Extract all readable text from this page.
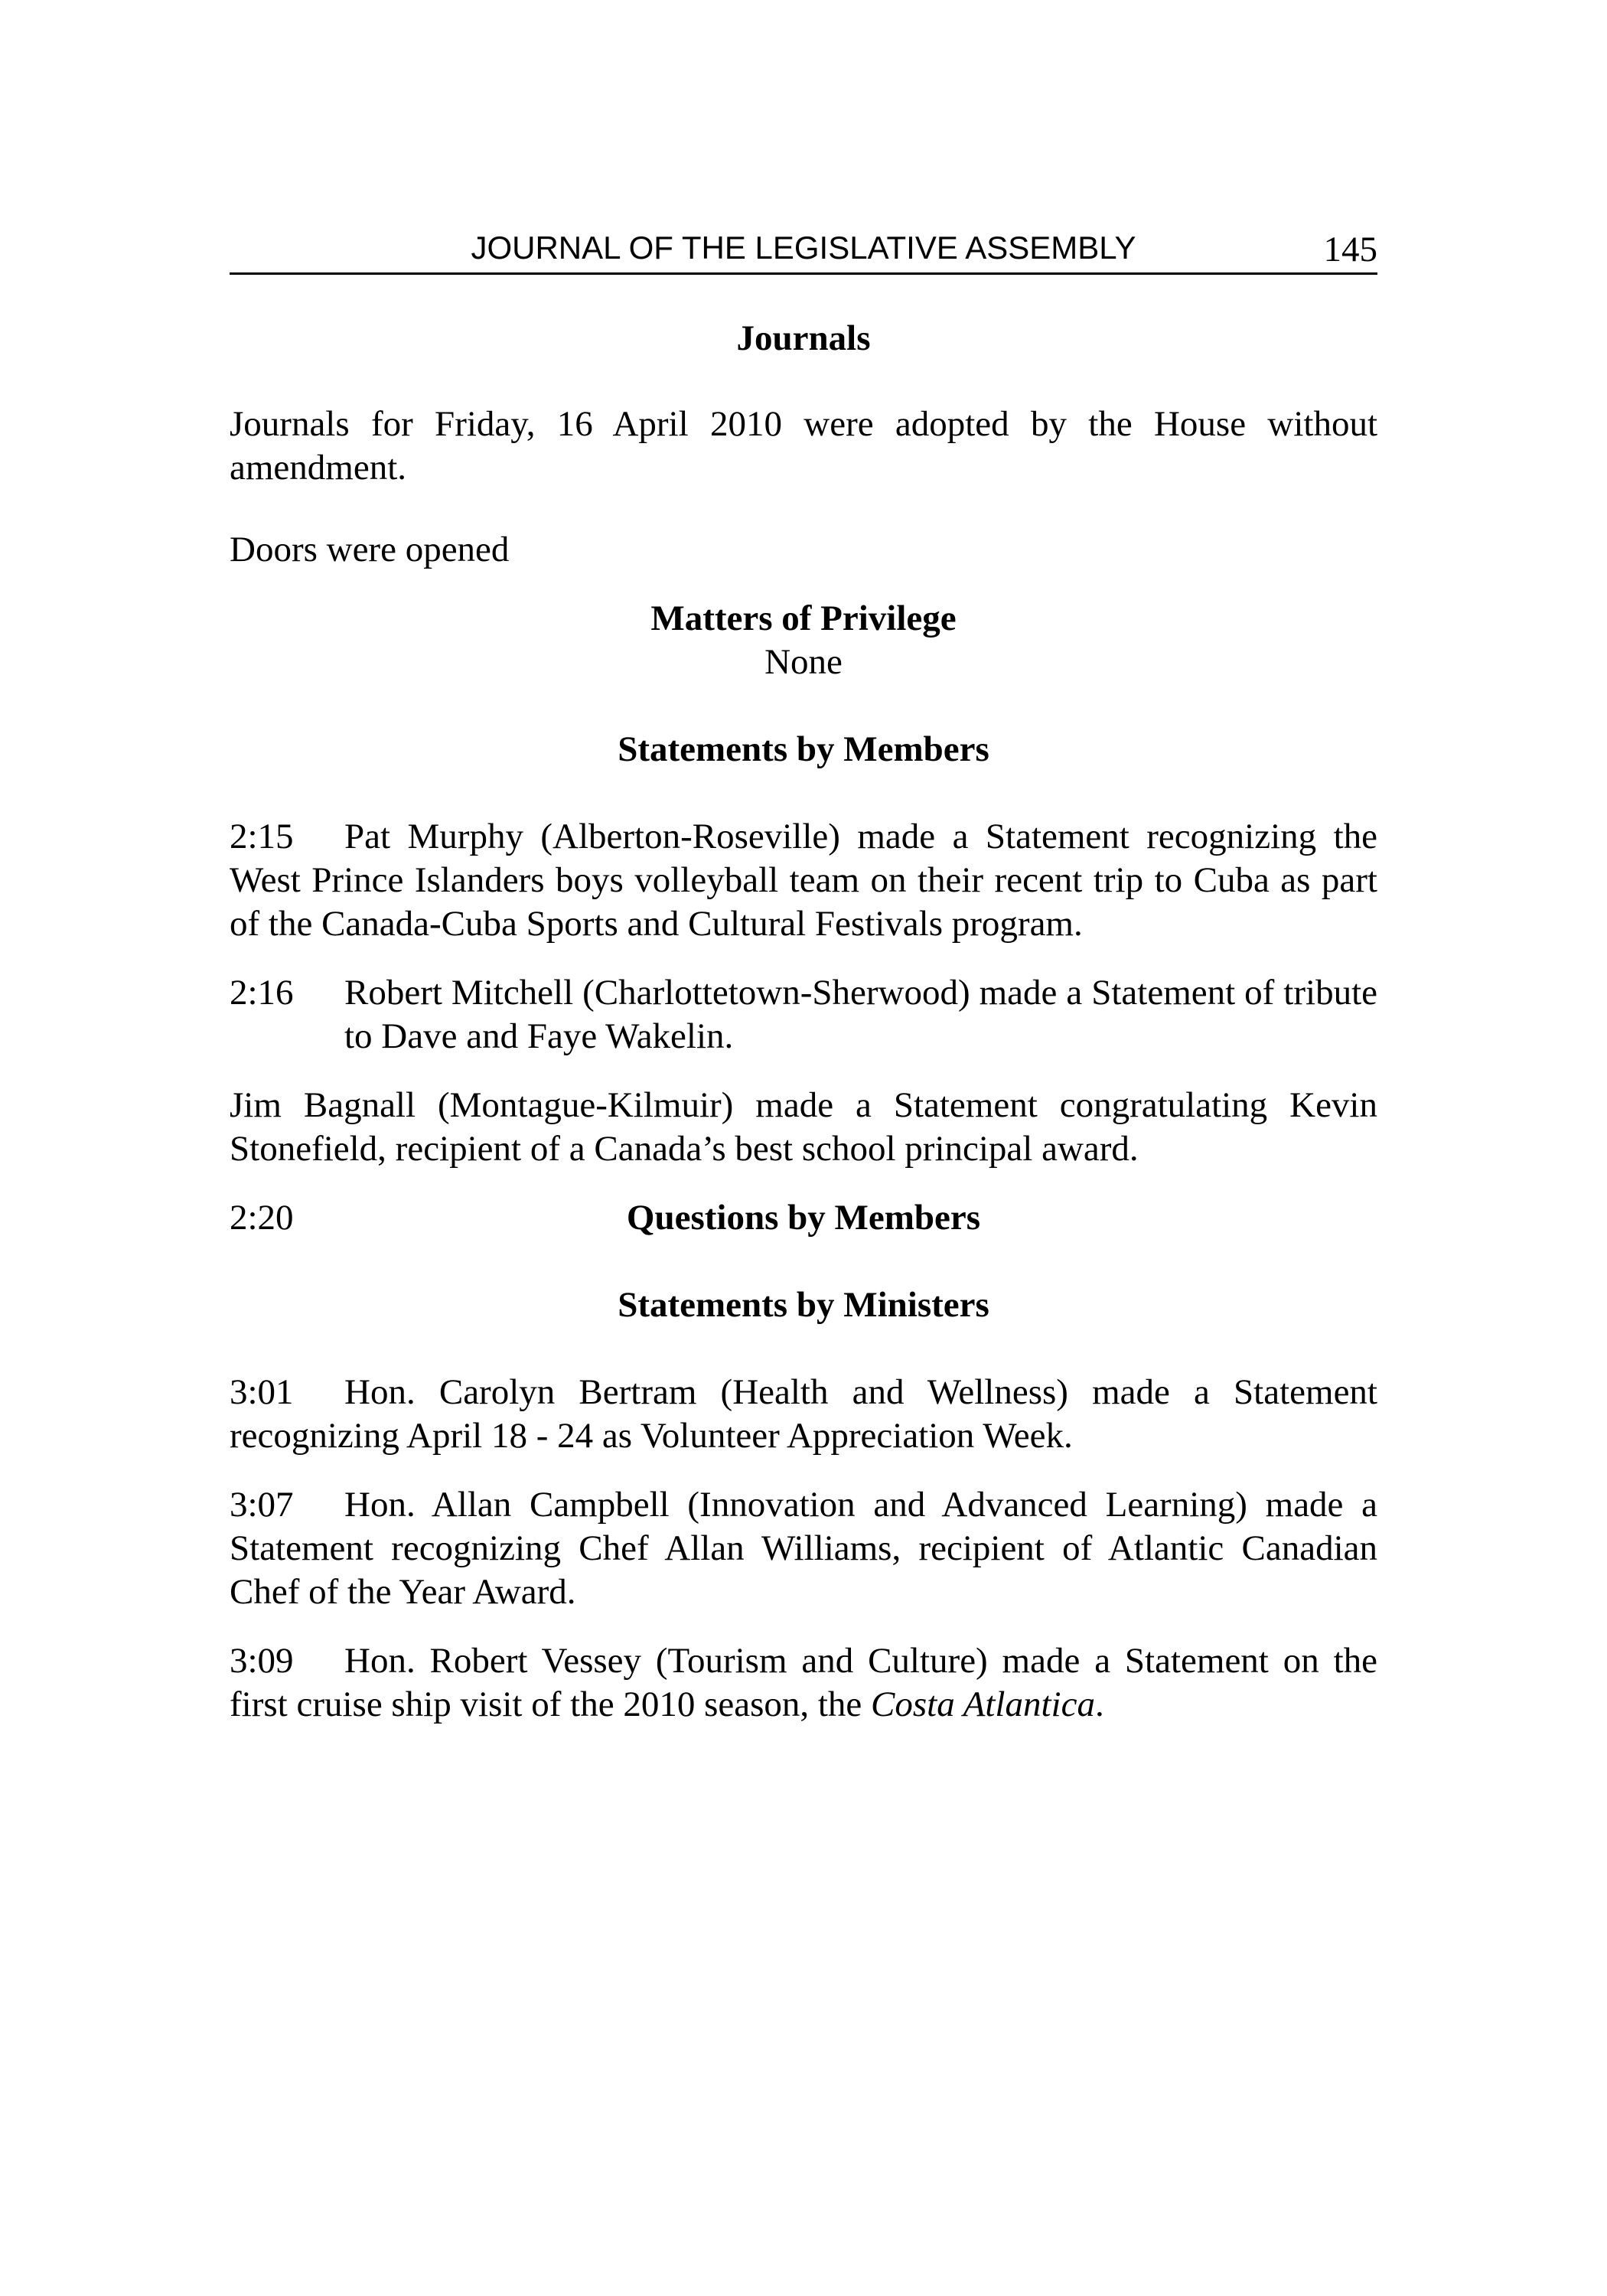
JOURNAL OF THE LEGISLATIVE ASSEMBLY	145

Journals

Journals for Friday, 16 April 2010 were adopted by the House without amendment.

Doors were opened

Matters of Privilege

None

Statements by Members

2:15 Pat Murphy (Alberton-Roseville) made a Statement recognizing the West Prince Islanders boys volleyball team on their recent trip to Cuba as part of the Canada-Cuba Sports and Cultural Festivals program.

2:16 Robert Mitchell (Charlottetown-Sherwood) made a Statement of tribute to Dave and Faye Wakelin.

Jim Bagnall (Montague-Kilmuir) made a Statement congratulating Kevin Stonefield, recipient of a Canada’s best school principal award.

2:20	Questions by Members

Statements by Ministers

3:01 Hon. Carolyn Bertram (Health and Wellness) made a Statement recognizing April 18 - 24 as Volunteer Appreciation Week.

3:07 Hon. Allan Campbell (Innovation and Advanced Learning) made a Statement recognizing Chef Allan Williams, recipient of Atlantic Canadian Chef of the Year Award.

3:09 Hon. Robert Vessey (Tourism and Culture) made a Statement on the first cruise ship visit of the 2010 season, the Costa Atlantica.
